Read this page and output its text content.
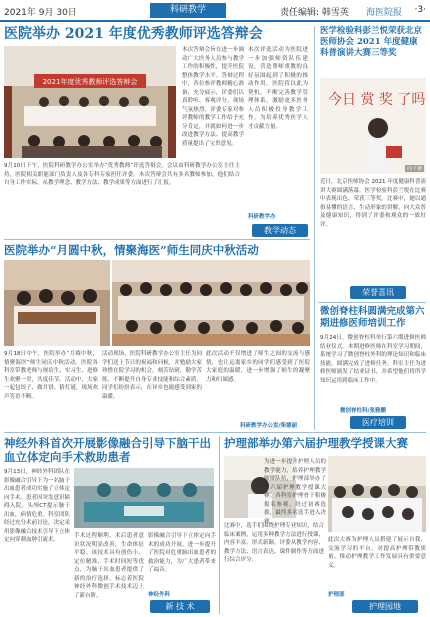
2021年 9月 30日	科研教学	责任编辑: 韩雪英 海医院报 ·3·
医院举办 2021 年度优秀教师评选答辩会
2021年度优秀教师评选答辩会
本次答辩会旨在进一步调动广大医务人员参与教学工作的积极性，提升医院整体教学水平。答辩过程中，各位参评教师精心准备、充分展示，评委们认真聆听、客观评分，现场气氛热烈。评委专家对参评教师的教学工作给予充分肯定，并就如何进一步改进教学方法、提高教学质量提出了宝贵意见。
本次评选活动为医院进一步加强师资队伍建设，营造尊师重教的良好氛围起到了积极的推动作用。医院将以此为契机，不断完善教学管理体系，激励更多医务人员积极投身教学工作，为培养优秀医学人才贡献力量。
9月10日下午，医院科研教学办公室举办“优秀教师”评选答辩会。会议由科研教学办公室主任主持，医院相关职能部门负责人及各专科专家担任评委。本次答辩会共有多名教师参加，他们结合自身工作实际，从教学理念、教学方法、教学成果等方面进行了汇报。
科研教学办
教学动态
医院举办“月圆中秋，情聚海医”师生同庆中秋活动
9月18日中午，医院举办“月圆中秋，情聚海医”师生同庆中秋活动。医院各科室带教老师与规培生、实习生、进修生欢聚一堂，共度佳节。活动中，大家一起包饺子、做月饼、猜灯谜，现场欢声笑语不断。
活动现场，医院科研教学办公室主任为同学们送上节日的祝福和问候，并勉励大家珍惜在院学习的机会，刻苦钻研、勤学苦练，不断提升自身专业技能和综合素质。同学们纷纷表示，在异乡也能感受到家的温暖。
此次活动不仅增进了师生之间的交流与感情，也让远离家乡的同学们感受到了医院大家庭的温暖，进一步增强了师生的凝聚力和归属感。
科研教学办公室/柴德丽
神经外科首次开展影像融合引导下脑干出血立体定向手术救助患者
9月13日，神经外科团队在影像融合引导下为一名脑干出血患者成功实施了立体定向手术。患者因突发意识障碍入院，头颅CT提示脑干出血，病情危重。科室团队经过充分术前讨论，决定采用影像融合技术引导下立体定向穿刺血肿引流术。
手术过程顺利，术后患者意识状况明显改善，生命体征平稳。该技术具有创伤小、定位精准、手术时间短等优点，为脑干出血患者提供了新的治疗选择，标志着医院神经外科微创手术技术迈上了新台阶。
影像融合引导下立体定向手术的成功开展，进一步提升了医院对危重脑出血患者的救治能力，为广大患者带来了福音。
神经外科
新 技 术
护理部举办第六届护理教学授课大赛
为进一步提升护理人员的教学能力，培养护理教学师资队伍，护理部举办了第六届护理教学授课大赛。各科室护理骨干积极报名参赛，经过初赛选拔，最终多名选手进入决赛。
比赛中，选手们围绕护理专业知识，结合临床案例，运用多种教学方法进行授课，内容丰富、形式新颖。评委从教学内容、教学方法、语言表达、课件制作等方面进行综合评分。
此次大赛为护理人员搭建了展示自我、交流学习的平台，对提高护理带教质量、推动护理教学工作发展具有重要意义。
护理部
护理园地
医学检验科彭兰悦荣获北京医师协会 2021 年度健康科普演讲大赛三等奖
今日 赏 奖 了吗
向下兼
近日，北京医师协会 2021 年度健康科普演讲大赛圆满落幕。医学检验科彭兰悦在比赛中表现出色，荣获三等奖。比赛中，她以通俗易懂的语言、生动形象的讲解，向大众普及健康知识，得到了评委和观众的一致好评。
荣誉喜讯
微创脊柱科圆满完成第六期进修医师培训工作
9月24日，微创脊柱科举行第六期进修医师结业仪式。本期进修医师在科室学习期间，系统学习了微创脊柱外科的理论知识和临床技能，圆满完成了进修任务。科室主任为进修医师颁发了结业证书，并希望他们将所学知识运用到临床工作中。
微创脊柱科/张雅鹏
医疗培训
